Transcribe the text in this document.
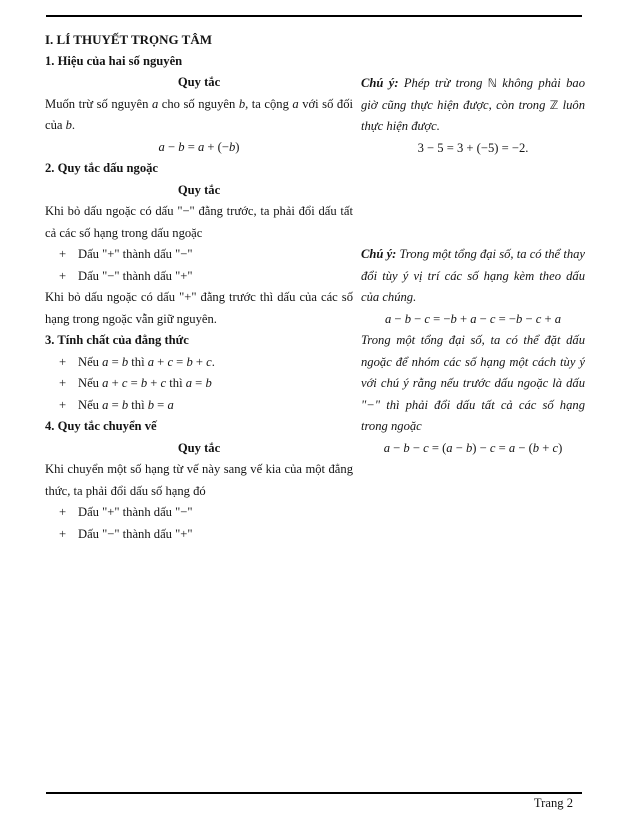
I. LÍ THUYẾT TRỌNG TÂM
1. Hiệu của hai số nguyên
Quy tắc
Muốn trừ số nguyên a cho số nguyên b, ta cộng a với số đối của b.
a − b = a + (−b)
2. Quy tắc dấu ngoặc
Quy tắc
Khi bỏ dấu ngoặc có dấu "−" đằng trước, ta phải đổi dấu tất cả các số hạng trong dấu ngoặc
+ Dấu "+" thành dấu "−"
+ Dấu "−" thành dấu "+"
Khi bỏ dấu ngoặc có dấu "+" đằng trước thì dấu của các số hạng trong ngoặc vẫn giữ nguyên.
3. Tính chất của đẳng thức
+ Nếu a = b thì a + c = b + c.
+ Nếu a + c = b + c thì a = b
+ Nếu a = b thì b = a
4. Quy tắc chuyển vế
Quy tắc
Khi chuyển một số hạng từ vế này sang vế kia của một đẳng thức, ta phải đổi dấu số hạng đó
+ Dấu "+" thành dấu "−"
+ Dấu "−" thành dấu "+"
Chú ý: Phép trừ trong ℕ không phải bao giờ cũng thực hiện được, còn trong ℤ luôn thực hiện được.
3 − 5 = 3 + (−5) = −2.
Chú ý: Trong một tổng đại số, ta có thể thay đổi tùy ý vị trí các số hạng kèm theo dấu của chúng.
a − b − c = −b + a − c = −b − c + a
Trong một tổng đại số, ta có thể đặt dấu ngoặc để nhóm các số hạng một cách tùy ý với chú ý rằng nếu trước dấu ngoặc là dấu "−" thì phải đổi dấu tất cả các số hạng trong ngoặc
a − b − c = (a − b) − c = a − (b + c)
Trang 2
